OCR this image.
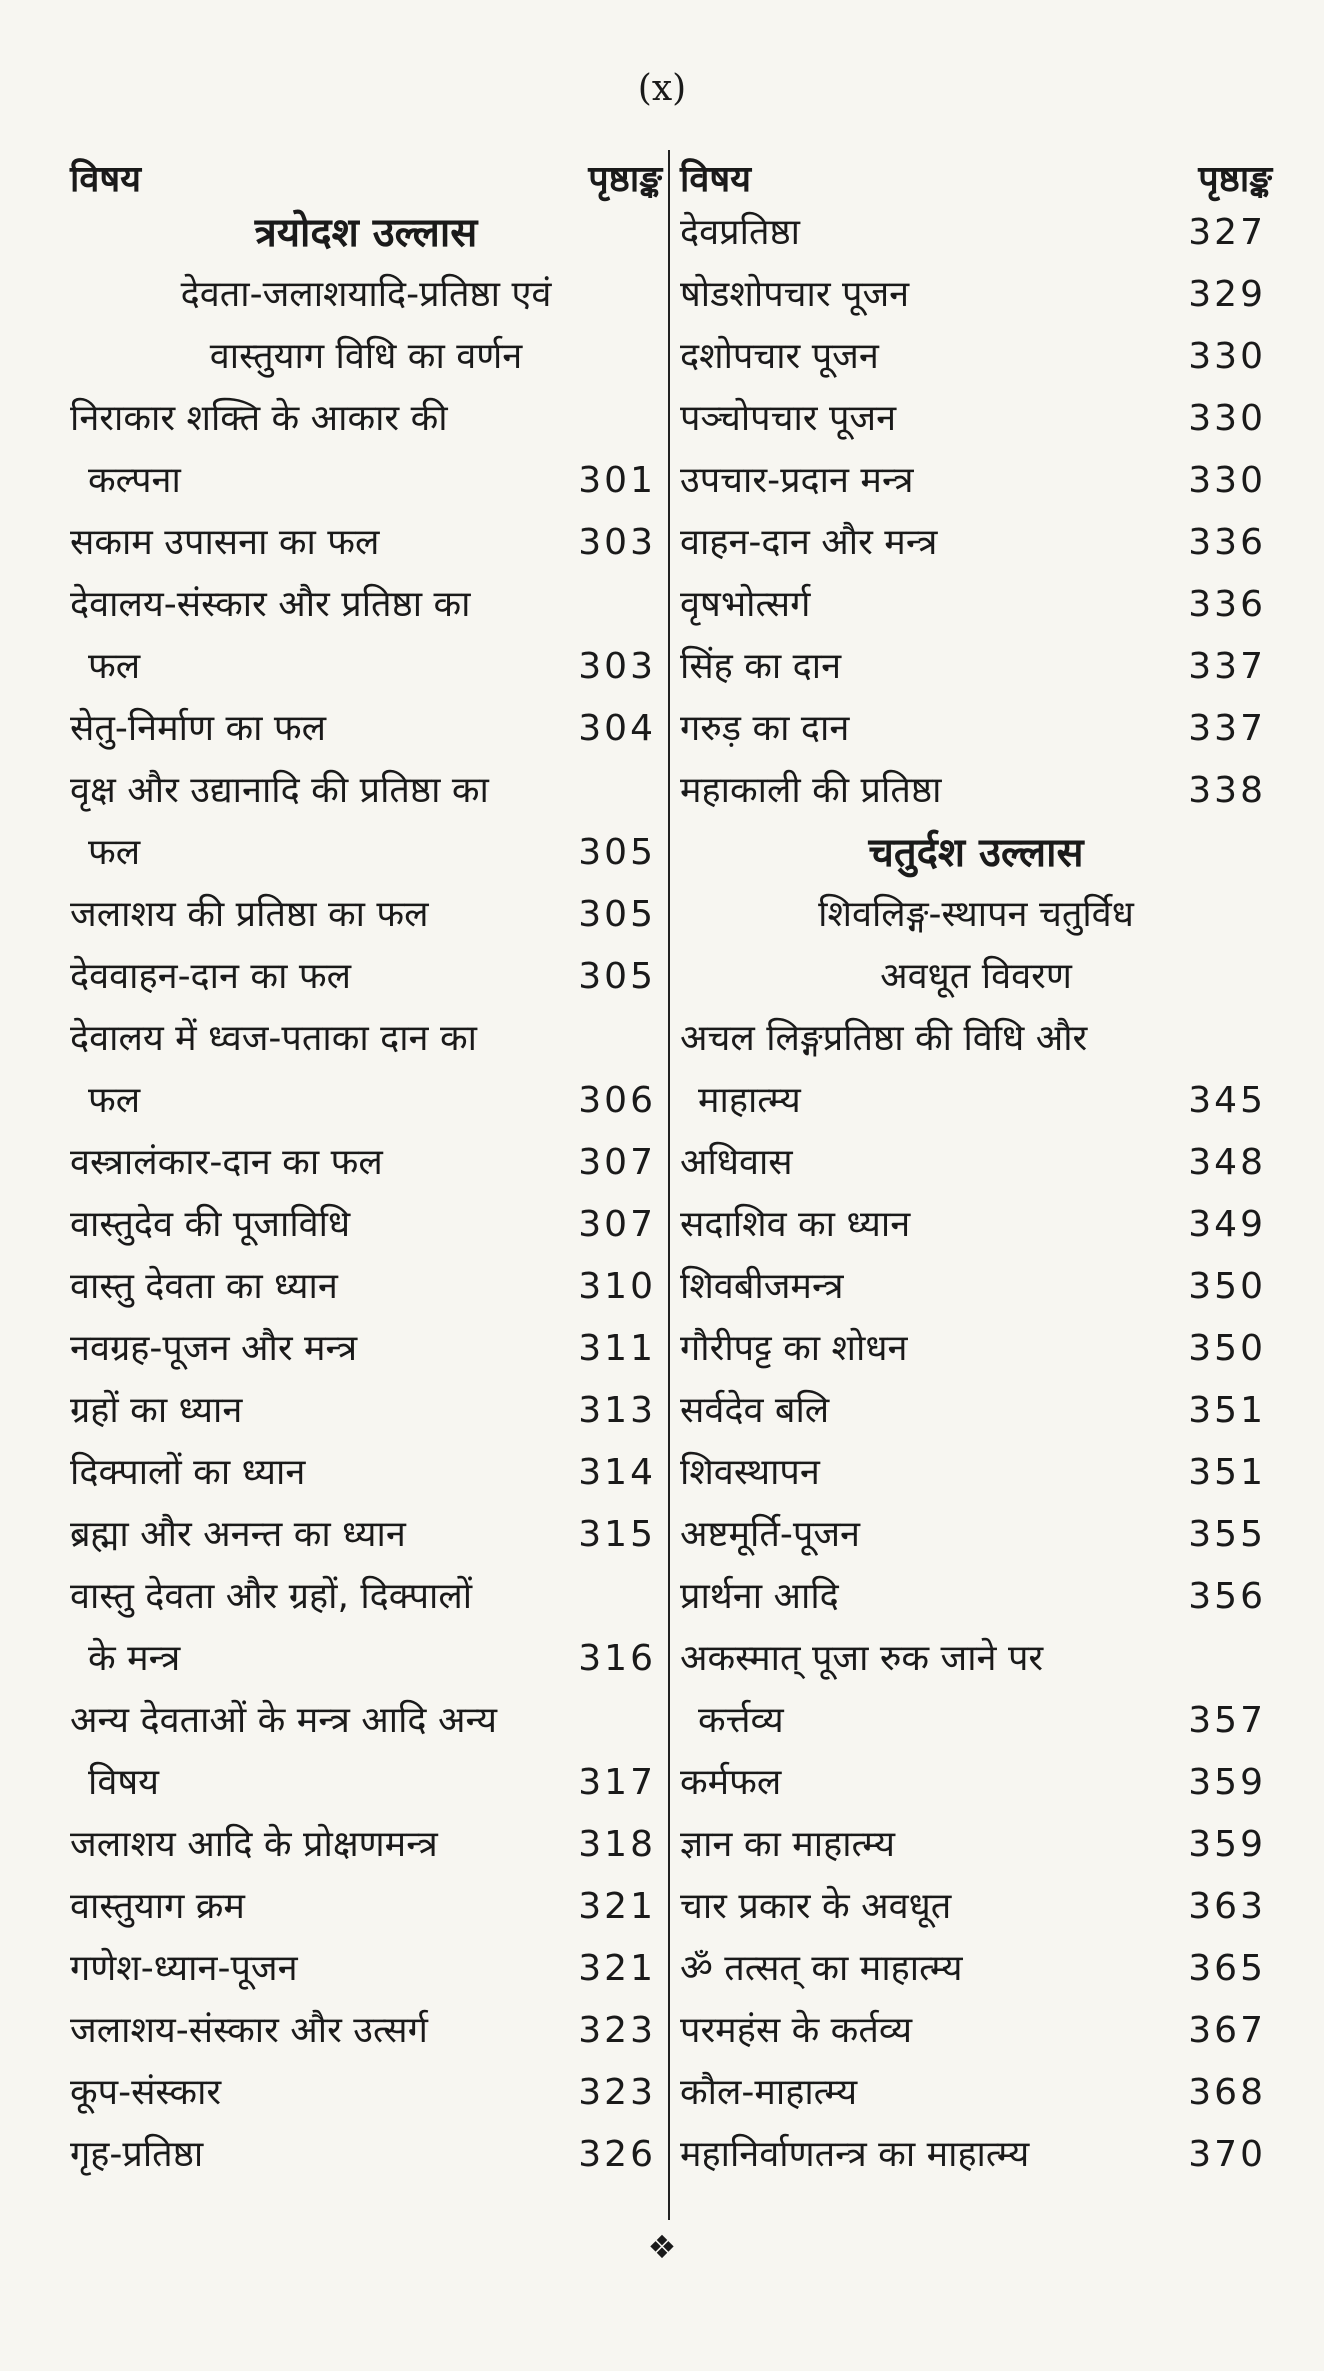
(x)
विषय	पृष्ठाङ्क
त्रयोदश उल्लास
देवता-जलाशयादि-प्रतिष्ठा एवं
वास्तुयाग विधि का वर्णन
निराकार शक्ति के आकार की
कल्पना	301
सकाम उपासना का फल	303
देवालय-संस्कार और प्रतिष्ठा का
फल	303
सेतु-निर्माण का फल	304
वृक्ष और उद्यानादि की प्रतिष्ठा का
फल	305
जलाशय की प्रतिष्ठा का फल	305
देववाहन-दान का फल	305
देवालय में ध्वज-पताका दान का
फल	306
वस्त्रालंकार-दान का फल	307
वास्तुदेव की पूजाविधि	307
वास्तु देवता का ध्यान	310
नवग्रह-पूजन और मन्त्र	311
ग्रहों का ध्यान	313
दिक्पालों का ध्यान	314
ब्रह्मा और अनन्त का ध्यान	315
वास्तु देवता और ग्रहों, दिक्पालों
के मन्त्र	316
अन्य देवताओं के मन्त्र आदि अन्य
विषय	317
जलाशय आदि के प्रोक्षणमन्त्र	318
वास्तुयाग क्रम	321
गणेश-ध्यान-पूजन	321
जलाशय-संस्कार और उत्सर्ग	323
कूप-संस्कार	323
गृह-प्रतिष्ठा	326
विषय	पृष्ठाङ्क
देवप्रतिष्ठा	327
षोडशोपचार पूजन	329
दशोपचार पूजन	330
पञ्चोपचार पूजन	330
उपचार-प्रदान मन्त्र	330
वाहन-दान और मन्त्र	336
वृषभोत्सर्ग	336
सिंह का दान	337
गरुड़ का दान	337
महाकाली की प्रतिष्ठा	338
चतुर्दश उल्लास
शिवलिङ्ग-स्थापन चतुर्विध
अवधूत विवरण
अचल लिङ्गप्रतिष्ठा की विधि और
माहात्म्य	345
अधिवास	348
सदाशिव का ध्यान	349
शिवबीजमन्त्र	350
गौरीपट्ट का शोधन	350
सर्वदेव बलि	351
शिवस्थापन	351
अष्टमूर्ति-पूजन	355
प्रार्थना आदि	356
अकस्मात् पूजा रुक जाने पर
कर्त्तव्य	357
कर्मफल	359
ज्ञान का माहात्म्य	359
चार प्रकार के अवधूत	363
ॐ तत्सत् का माहात्म्य	365
परमहंस के कर्तव्य	367
कौल-माहात्म्य	368
महानिर्वाणतन्त्र का माहात्म्य	370
❖
